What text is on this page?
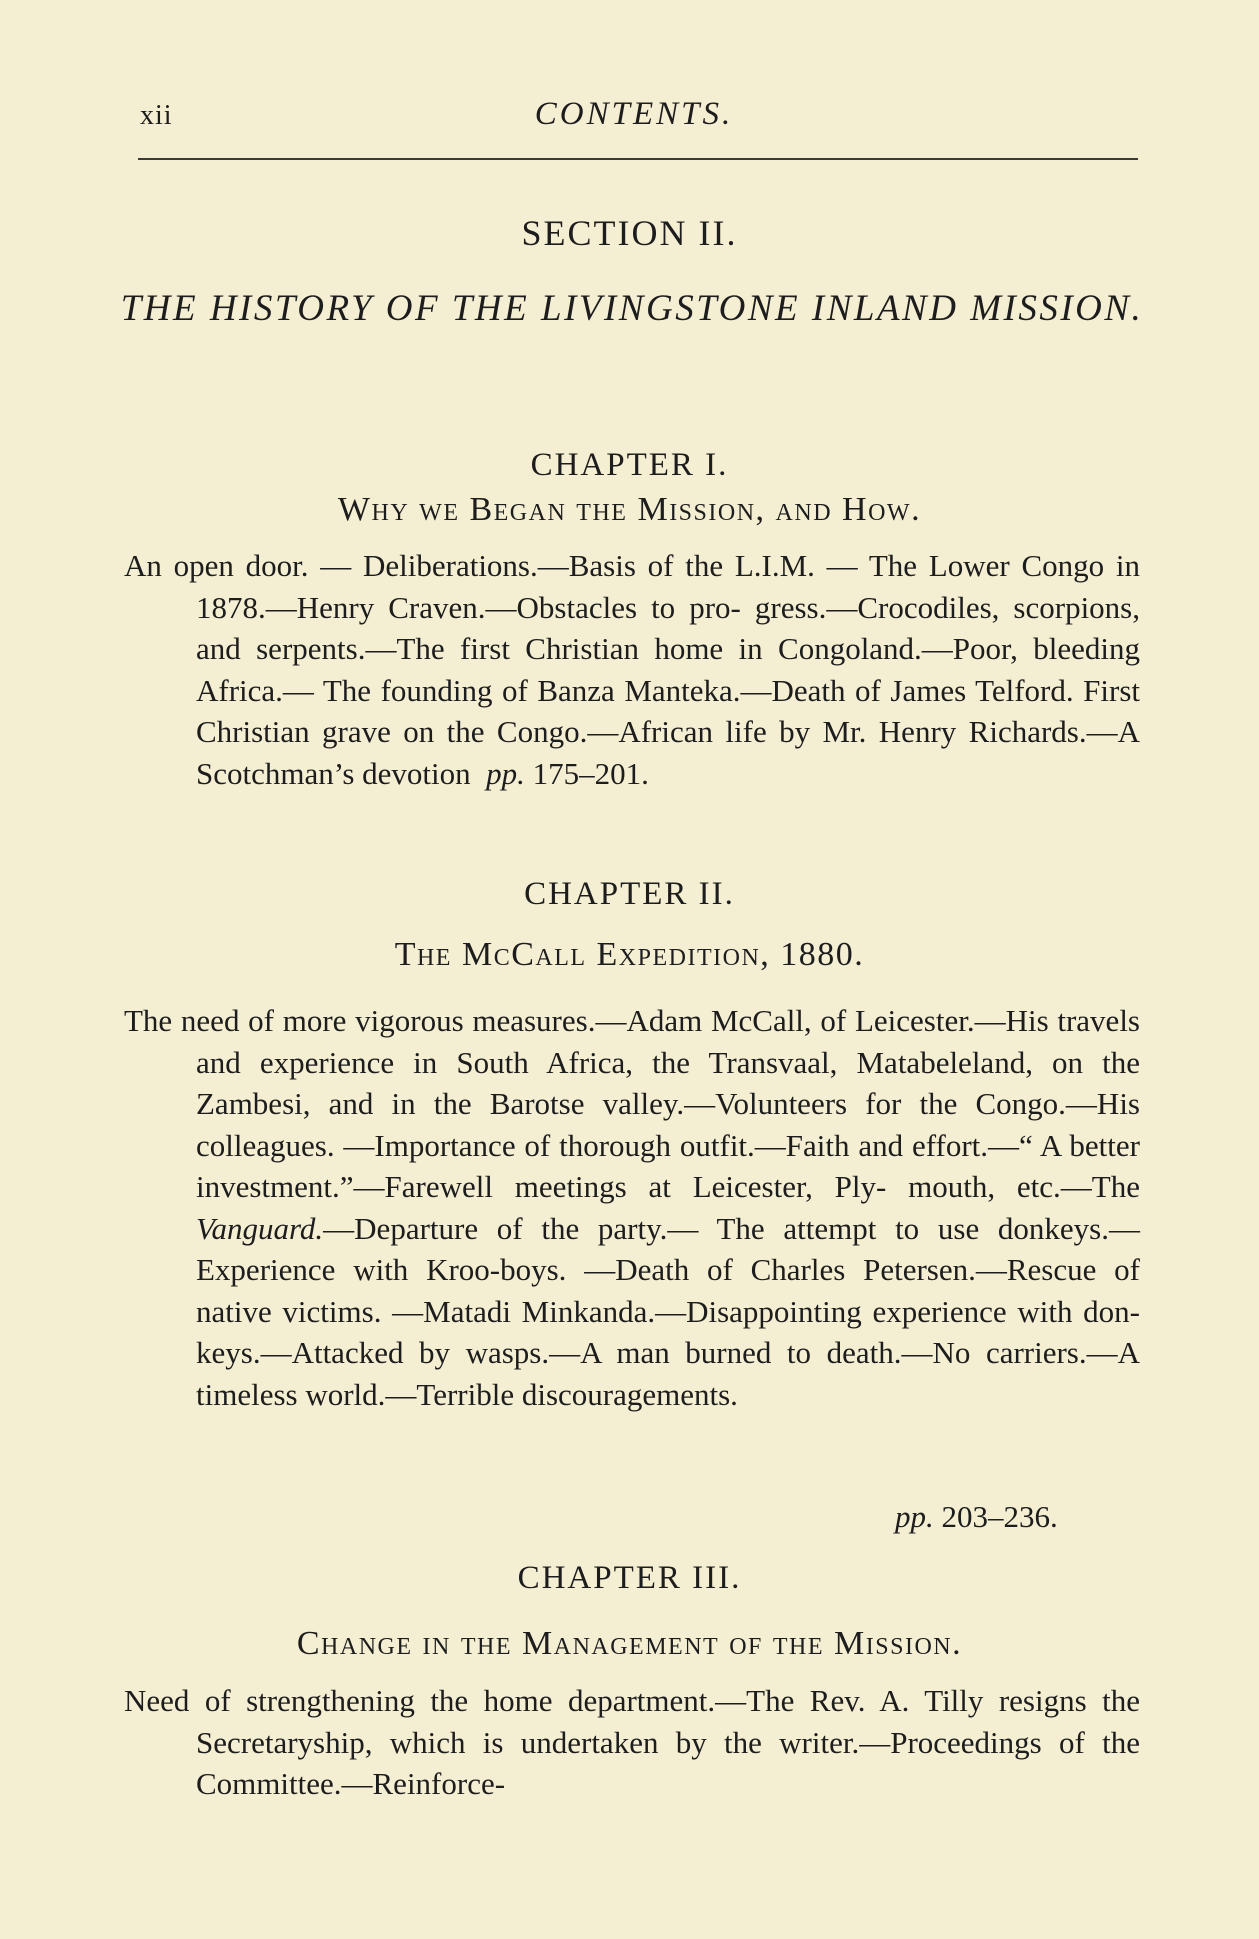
xii	CONTENTS.
SECTION II.
THE HISTORY OF THE LIVINGSTONE INLAND MISSION.
CHAPTER I.
Why we Began the Mission, and How.

An open door. — Deliberations.—Basis of the L.I.M. — The Lower Congo in 1878.—Henry Craven.—Obstacles to pro- gress.—Crocodiles, scorpions, and serpents.—The first Christian home in Congoland.—Poor, bleeding Africa.— The founding of Banza Manteka.—Death of James Telford. First Christian grave on the Congo.—African life by Mr. Henry Richards.—A Scotchman’s devotion pp. 175–201.

CHAPTER II.
The McCall Expedition, 1880.

The need of more vigorous measures.—Adam McCall, of Leicester.—His travels and experience in South Africa, the Transvaal, Matabeleland, on the Zambesi, and in the Barotse valley.—Volunteers for the Congo.—His colleagues. —Importance of thorough outfit.—Faith and effort.—“ A better investment.”—Farewell meetings at Leicester, Ply- mouth, etc.—The Vanguard.—Departure of the party.— The attempt to use donkeys.—Experience with Kroo-boys. —Death of Charles Petersen.—Rescue of native victims. —Matadi Minkanda.—Disappointing experience with don- keys.—Attacked by wasps.—A man burned to death.—No carriers.—A timeless world.—Terrible discouragements.

pp. 203–236.
CHAPTER III.
Change in the Management of the Mission.

Need of strengthening the home department.—The Rev. A. Tilly resigns the Secretaryship, which is undertaken by the writer.—Proceedings of the Committee.—Reinforce-
